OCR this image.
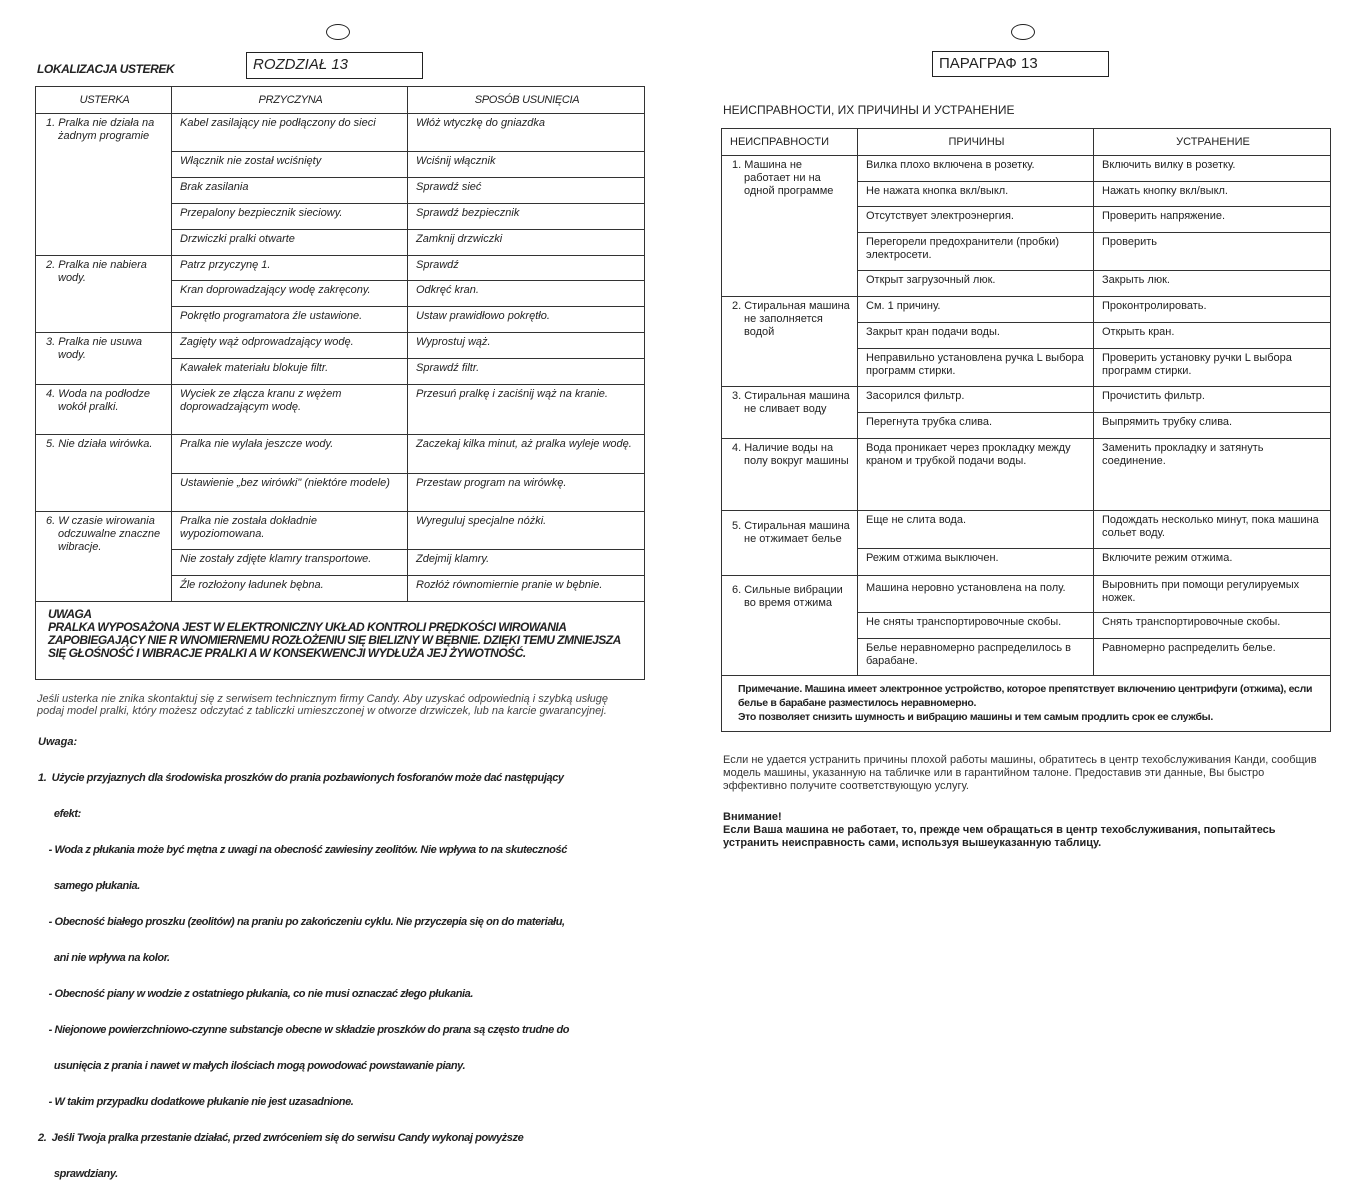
LOKALIZACJA USTEREK	ROZDZIAŁ 13
USTERKA	PRZYCZYNA	SPOSÓB USUNIĘCIA
1. Pralka nie działa na żadnym programie	Kabel zasilający nie podłączony do sieci	Włóż wtyczkę do gniazdka
	Włącznik nie został wciśnięty	Wciśnij włącznik
	Brak zasilania	Sprawdź sieć
	Przepalony bezpiecznik sieciowy.	Sprawdź bezpiecznik
	Drzwiczki pralki otwarte	Zamknij drzwiczki
2. Pralka nie nabiera wody.	Patrz przyczynę 1.	Sprawdź
	Kran doprowadzający wodę zakręcony.	Odkręć kran.
	Pokrętło programatora źle ustawione.	Ustaw prawidłowo pokrętło.
3. Pralka nie usuwa wody.	Zagięty wąż odprowadzający wodę.	Wyprostuj wąż.
	Kawałek materiału blokuje filtr.	Sprawdź filtr.
4. Woda na podłodze wokół pralki.	Wyciek ze złącza kranu z wężem doprowadzającym wodę.	Przesuń pralkę i zaciśnij wąż na kranie.
5. Nie działa wirówka.	Pralka nie wylała jeszcze wody.	Zaczekaj kilka minut, aż pralka wyleje wodę.
	Ustawienie „bez wirówki" (niektóre modele)	Przestaw program na wirówkę.
6. W czasie wirowania odczuwalne znaczne wibracje.	Pralka nie została dokładnie wypoziomowana.	Wyreguluj specjalne nóżki.
	Nie zostały zdjęte klamry transportowe.	Zdejmij klamry.
	Źle rozłożony ładunek bębna.	Rozłóż równomiernie pranie w bębnie.

UWAGA
PRALKA WYPOSAŻONA JEST W ELEKTRONICZNY UKŁAD KONTROLI PRĘDKOŚCI WIROWANIA ZAPOBIEGAJĄCY NIE R WNOMIERNEMU ROZŁOŻENIU SIĘ BIELIZNY W BĘBNIE. DZIĘKI TEMU ZMNIEJSZA SIĘ GŁOŚNOŚĆ I WIBRACJE PRALKI A W KONSEKWENCJI WYDŁUŻA JEJ ŻYWOTNOŚĆ.		
Jeśli usterka nie znika skontaktuj się z serwisem technicznym firmy Candy. Aby uzyskać odpowiednią i szybką usługę podaj model pralki, który możesz odczytać z tabliczki umieszczonej w otworze drzwiczek, lub na karcie gwarancyjnej.
Uwaga:

1.  Użycie przyjaznych dla środowiska proszków do prania pozbawionych fosforanów może dać następujący

efekt:

- Woda z płukania może być mętna z uwagi na obecność zawiesiny zeolitów. Nie wpływa to na skuteczność

samego płukania.

- Obecność białego proszku (zeolitów) na praniu po zakończeniu cyklu. Nie przyczepia się on do materiału,

ani nie wpływa na kolor.

- Obecność piany w wodzie z ostatniego płukania, co nie musi oznaczać złego płukania.

- Niejonowe powierzchniowo-czynne substancje obecne w składzie proszków do prana są często trudne do

usunięcia z prania i nawet w małych ilościach mogą powodować powstawanie piany.

- W takim przypadku dodatkowe płukanie nie jest uzasadnione.

2.  Jeśli Twoja pralka przestanie działać, przed zwróceniem się do serwisu Candy wykonaj powyższe

sprawdziany.

ПАРАГРАФ 13
НЕИСПРАВНОСТИ, ИХ ПРИЧИНЫ И УСТРАНЕНИЕ
НЕИСПРАВНОСТИ	ПРИЧИНЫ	УСТРАНЕНИЕ
1. Машина не работает ни на одной программе	Вилка плохо включена в розетку.	Включить вилку в розетку.
	Не нажата кнопка вкл/выкл.	Нажать кнопку вкл/выкл.
	Отсутствует электроэнергия.	Проверить напряжение.
	Перегорели предохранители (пробки) электросети.	Проверить
	Открыт загрузочный люк.	Закрыть люк.
2. Стиральная машина не заполняется водой	См. 1 причину.	Проконтролировать.
	Закрыт кран подачи воды.	Открыть кран.
	Неправильно установлена ручка L выбора программ стирки.	Проверить установку ручки L выбора программ стирки.
3. Стиральная машина не сливает воду	Засорился фильтр.	Прочистить фильтр.
	Перегнута трубка слива.	Выпрямить трубку слива.
4. Наличие воды на полу вокруг машины	Вода проникает через прокладку между краном и трубкой подачи воды.	Заменить прокладку и затянуть соединение.
5. Стиральная машина не отжимает белье	Еще не слита вода.	Подождать несколько минут, пока машина сольет воду.
	Режим отжима выключен.	Включите режим отжима.
6. Сильные вибрации во время отжима	Машина неровно установлена на полу.	Выровнить при помощи регулируемых ножек.
	Не сняты транспортировочные скобы.	Снять транспортировочные скобы.
	Белье неравномерно распределилось в барабане.	Равномерно распределить белье.

Примечание. Машина имеет электронное устройство, которое препятствует включению центрифуги (отжима), если
белье в барабане разместилось неравномерно.
Это позволяет снизить шумность и вибрацию машины и тем самым продлить срок ее службы.		
Если не удается устранить причины плохой работы машины, обратитесь в центр техобслуживания Канди, сообщив модель машины, указанную на табличке или в гарантийном талоне. Предоставив эти данные, Вы быстро эффективно получите соответствующую услугу.
Внимание!
Если Ваша машина не работает, то, прежде чем обращаться в центр техобслуживания, попытайтесь устранить неисправность сами, используя вышеуказанную таблицу.
